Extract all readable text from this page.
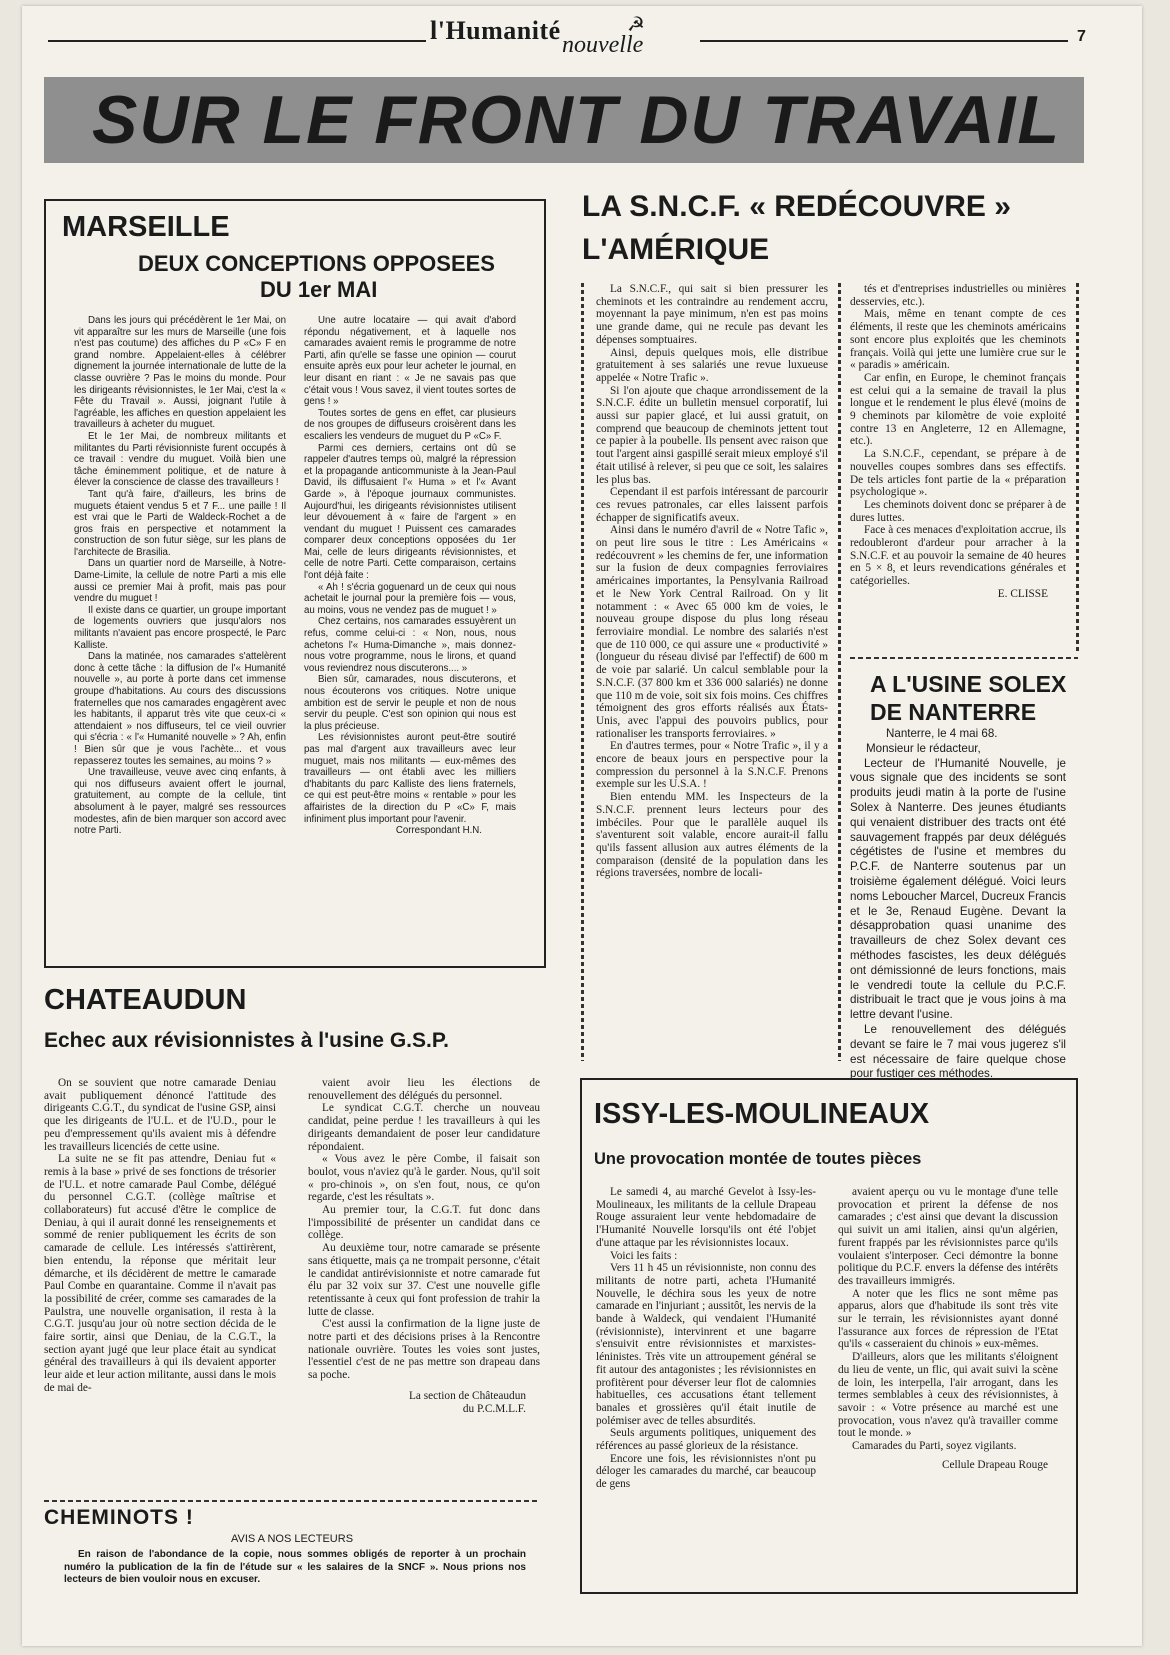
l'Humanité nouvelle
☭
7
SUR LE FRONT DU TRAVAIL
MARSEILLE
DEUX CONCEPTIONS OPPOSEES
DU 1er MAI

Dans les jours qui précédèrent le 1er Mai, on vit apparaître sur les murs de Marseille (une fois n'est pas coutume) des affiches du P «C» F en grand nombre. Appelaient-elles à célébrer dignement la journée internationale de lutte de la classe ouvrière ? Pas le moins du monde. Pour les dirigeants révisionnistes, le 1er Mai, c'est la « Fête du Travail ». Aussi, joignant l'utile à l'agréable, les affiches en question appelaient les travailleurs à acheter du muguet.

Et le 1er Mai, de nombreux militants et militantes du Parti révisionniste furent occupés à ce travail : vendre du muguet. Voilà bien une tâche éminemment politique, et de nature à élever la conscience de classe des travailleurs !

Tant qu'à faire, d'ailleurs, les brins de muguets étaient vendus 5 et 7 F... une paille ! Il est vrai que le Parti de Waldeck-Rochet a de gros frais en perspective et notamment la construction de son futur siège, sur les plans de l'architecte de Brasilia.

Dans un quartier nord de Marseille, à Notre-Dame-Limite, la cellule de notre Parti a mis elle aussi ce premier Mai à profit, mais pas pour vendre du muguet !

Il existe dans ce quartier, un groupe important de logements ouvriers que jusqu'alors nos militants n'avaient pas encore prospecté, le Parc Kalliste.

Dans la matinée, nos camarades s'attelèrent donc à cette tâche : la diffusion de l'« Humanité nouvelle », au porte à porte dans cet immense groupe d'habitations. Au cours des discussions fraternelles que nos camarades engagèrent avec les habitants, il apparut très vite que ceux-ci « attendaient » nos diffuseurs, tel ce vieil ouvrier qui s'écria : « l'« Humanité nouvelle » ? Ah, enfin ! Bien sûr que je vous l'achète... et vous repasserez toutes les semaines, au moins ? »

Une travailleuse, veuve avec cinq enfants, à qui nos diffuseurs avaient offert le journal, gratuitement, au compte de la cellule, tint absolument à le payer, malgré ses ressources modestes, afin de bien marquer son accord avec notre Parti.

Une autre locataire — qui avait d'abord répondu négativement, et à laquelle nos camarades avaient remis le programme de notre Parti, afin qu'elle se fasse une opinion — courut ensuite après eux pour leur acheter le journal, en leur disant en riant : « Je ne savais pas que c'était vous ! Vous savez, il vient toutes sortes de gens ! »

Toutes sortes de gens en effet, car plusieurs de nos groupes de diffuseurs croisèrent dans les escaliers les vendeurs de muguet du P «C» F.

Parmi ces derniers, certains ont dû se rappeler d'autres temps où, malgré la répression et la propagande anticommuniste à la Jean-Paul David, ils diffusaient l'« Huma » et l'« Avant Garde », à l'époque journaux communistes. Aujourd'hui, les dirigeants révisionnistes utilisent leur dévouement à « faire de l'argent » en vendant du muguet ! Puissent ces camarades comparer deux conceptions opposées du 1er Mai, celle de leurs dirigeants révisionnistes, et celle de notre Parti. Cette comparaison, certains l'ont déjà faite :

« Ah ! s'écria goguenard un de ceux qui nous achetait le journal pour la première fois — vous, au moins, vous ne vendez pas de muguet ! »

Chez certains, nos camarades essuyèrent un refus, comme celui-ci : « Non, nous, nous achetons l'« Huma-Dimanche », mais donnez-nous votre programme, nous le lirons, et quand vous reviendrez nous discuterons.... »

Bien sûr, camarades, nous discuterons, et nous écouterons vos critiques. Notre unique ambition est de servir le peuple et non de nous servir du peuple. C'est son opinion qui nous est la plus précieuse.

Les révisionnistes auront peut-être soutiré pas mal d'argent aux travailleurs avec leur muguet, mais nos militants — eux-mêmes des travailleurs — ont établi avec les milliers d'habitants du parc Kalliste des liens fraternels, ce qui est peut-être moins « rentable » pour les affairistes de la direction du P «C» F, mais infiniment plus important pour l'avenir.

Correspondant H.N.
LA S.N.C.F. « REDÉCOUVRE »
L'AMÉRIQUE

La S.N.C.F., qui sait si bien pressurer les cheminots et les contraindre au rendement accru, moyennant la paye minimum, n'en est pas moins une grande dame, qui ne recule pas devant les dépenses somptuaires.

Ainsi, depuis quelques mois, elle distribue gratuitement à ses salariés une revue luxueuse appelée « Notre Trafic ».

Si l'on ajoute que chaque arrondissement de la S.N.C.F. édite un bulletin mensuel corporatif, lui aussi sur papier glacé, et lui aussi gratuit, on comprend que beaucoup de cheminots jettent tout ce papier à la poubelle. Ils pensent avec raison que tout l'argent ainsi gaspillé serait mieux employé s'il était utilisé à relever, si peu que ce soit, les salaires les plus bas.

Cependant il est parfois intéressant de parcourir ces revues patronales, car elles laissent parfois échapper de significatifs aveux.

Ainsi dans le numéro d'avril de « Notre Tafic », on peut lire sous le titre : Les Américains « redécouvrent » les chemins de fer, une information sur la fusion de deux compagnies ferroviaires américaines importantes, la Pensylvania Railroad et le New York Central Railroad. On y lit notamment : « Avec 65 000 km de voies, le nouveau groupe dispose du plus long réseau ferroviaire mondial. Le nombre des salariés n'est que de 110 000, ce qui assure une « productivité » (longueur du réseau divisé par l'effectif) de 600 m de voie par salarié. Un calcul semblable pour la S.N.C.F. (37 800 km et 336 000 salariés) ne donne que 110 m de voie, soit six fois moins. Ces chiffres témoignent des gros efforts réalisés aux États-Unis, avec l'appui des pouvoirs publics, pour rationaliser les transports ferroviaires. »

En d'autres termes, pour « Notre Trafic », il y a encore de beaux jours en perspective pour la compression du personnel à la S.N.C.F. Prenons exemple sur les U.S.A. !

Bien entendu MM. les Inspecteurs de la S.N.C.F. prennent leurs lecteurs pour des imbéciles. Pour que le parallèle auquel ils s'aventurent soit valable, encore aurait-il fallu qu'ils fassent allusion aux autres éléments de la comparaison (densité de la population dans les régions traversées, nombre de locali-

tés et d'entreprises industrielles ou minières desservies, etc.).

Mais, même en tenant compte de ces éléments, il reste que les cheminots américains sont encore plus exploités que les cheminots français. Voilà qui jette une lumière crue sur le « paradis » américain.

Car enfin, en Europe, le cheminot français est celui qui a la semaine de travail la plus longue et le rendement le plus élevé (moins de 9 cheminots par kilomètre de voie exploité contre 13 en Angleterre, 12 en Allemagne, etc.).

La S.N.C.F., cependant, se prépare à de nouvelles coupes sombres dans ses effectifs. De tels articles font partie de la « préparation psychologique ».

Les cheminots doivent donc se préparer à de dures luttes.

Face à ces menaces d'exploitation accrue, ils redoubleront d'ardeur pour arracher à la S.N.C.F. et au pouvoir la semaine de 40 heures en 5 × 8, et leurs revendications générales et catégorielles.

E. CLISSE
A L'USINE SOLEX
DE NANTERRE
Nanterre, le 4 mai 68.
Monsieur le rédacteur,

Lecteur de l'Humanité Nouvelle, je vous signale que des incidents se sont produits jeudi matin à la porte de l'usine Solex à Nanterre. Des jeunes étudiants qui venaient distribuer des tracts ont été sauvagement frappés par deux délégués cégétistes de l'usine et membres du P.C.F. de Nanterre soutenus par un troisième également délégué. Voici leurs noms Leboucher Marcel, Ducreux Francis et le 3e, Renaud Eugène. Devant la désapprobation quasi unanime des travailleurs de chez Solex devant ces méthodes fascistes, les deux délégués ont démissionné de leurs fonctions, mais le vendredi toute la cellule du P.C.F. distribuait le tract que je vous joins à ma lettre devant l'usine.

Le renouvellement des délégués devant se faire le 7 mai vous jugerez s'il est nécessaire de faire quelque chose pour fustiger ces méthodes.

CHATEAUDUN
Echec aux révisionnistes à l'usine G.S.P.

On se souvient que notre camarade Deniau avait publiquement dénoncé l'attitude des dirigeants C.G.T., du syndicat de l'usine GSP, ainsi que les dirigeants de l'U.L. et de l'U.D., pour le peu d'empressement qu'ils avaient mis à défendre les travailleurs licenciés de cette usine.

La suite ne se fit pas attendre, Deniau fut « remis à la base » privé de ses fonctions de trésorier de l'U.L. et notre camarade Paul Combe, délégué du personnel C.G.T. (collège maîtrise et collaborateurs) fut accusé d'être le complice de Deniau, à qui il aurait donné les renseignements et sommé de renier publiquement les écrits de son camarade de cellule. Les intéressés s'attirèrent, bien entendu, la réponse que méritait leur démarche, et ils décidèrent de mettre le camarade Paul Combe en quarantaine. Comme il n'avait pas la possibilité de créer, comme ses camarades de la Paulstra, une nouvelle organisation, il resta à la C.G.T. jusqu'au jour où notre section décida de le faire sortir, ainsi que Deniau, de la C.G.T., la section ayant jugé que leur place était au syndicat général des travailleurs à qui ils devaient apporter leur aide et leur action militante, aussi dans le mois de mai de-

vaient avoir lieu les élections de renouvellement des délégués du personnel.

Le syndicat C.G.T. cherche un nouveau candidat, peine perdue ! les travailleurs à qui les dirigeants demandaient de poser leur candidature répondaient.

« Vous avez le père Combe, il faisait son boulot, vous n'aviez qu'à le garder. Nous, qu'il soit « pro-chinois », on s'en fout, nous, ce qu'on regarde, c'est les résultats ».

Au premier tour, la C.G.T. fut donc dans l'impossibilité de présenter un candidat dans ce collège.

Au deuxième tour, notre camarade se présente sans étiquette, mais ça ne trompait personne, c'était le candidat antirévisionniste et notre camarade fut élu par 32 voix sur 37. C'est une nouvelle gifle retentissante à ceux qui font profession de trahir la lutte de classe.

C'est aussi la confirmation de la ligne juste de notre parti et des décisions prises à la Rencontre nationale ouvrière. Toutes les voies sont justes, l'essentiel c'est de ne pas mettre son drapeau dans sa poche.

La section de Châteaudun
du P.C.M.L.F.
CHEMINOTS !
AVIS A NOS LECTEURS
En raison de l'abondance de la copie, nous sommes obligés de reporter à un prochain numéro la publication de la fin de l'étude sur « les salaires de la SNCF ». Nous prions nos lecteurs de bien vouloir nous en excuser.
ISSY-LES-MOULINEAUX
Une provocation montée de toutes pièces

Le samedi 4, au marché Gevelot à Issy-les-Moulineaux, les militants de la cellule Drapeau Rouge assuraient leur vente hebdomadaire de l'Humanité Nouvelle lorsqu'ils ont été l'objet d'une attaque par les révisionnistes locaux.

Voici les faits :

Vers 11 h 45 un révisionniste, non connu des militants de notre parti, acheta l'Humanité Nouvelle, le déchira sous les yeux de notre camarade en l'injuriant ; aussitôt, les nervis de la bande à Waldeck, qui vendaient l'Humanité (révisionniste), intervinrent et une bagarre s'ensuivit entre révisionnistes et marxistes-léninistes. Très vite un attroupement général se fit autour des antagonistes ; les révisionnistes en profitèrent pour déverser leur flot de calomnies habituelles, ces accusations étant tellement banales et grossières qu'il était inutile de polémiser avec de telles absurdités.

Seuls arguments politiques, uniquement des références au passé glorieux de la résistance.

Encore une fois, les révisionnistes n'ont pu déloger les camarades du marché, car beaucoup de gens

avaient aperçu ou vu le montage d'une telle provocation et prirent la défense de nos camarades ; c'est ainsi que devant la discussion qui suivit un ami italien, ainsi qu'un algérien, furent frappés par les révisionnistes parce qu'ils voulaient s'interposer. Ceci démontre la bonne politique du P.C.F. envers la défense des intérêts des travailleurs immigrés.

A noter que les flics ne sont même pas apparus, alors que d'habitude ils sont très vite sur le terrain, les révisionnistes ayant donné l'assurance aux forces de répression de l'Etat qu'ils « casseraient du chinois » eux-mêmes.

D'ailleurs, alors que les militants s'éloignent du lieu de vente, un flic, qui avait suivi la scène de loin, les interpella, l'air arrogant, dans les termes semblables à ceux des révisionnistes, à savoir : « Votre présence au marché est une provocation, vous n'avez qu'à travailler comme tout le monde. »

Camarades du Parti, soyez vigilants.

Cellule Drapeau Rouge
